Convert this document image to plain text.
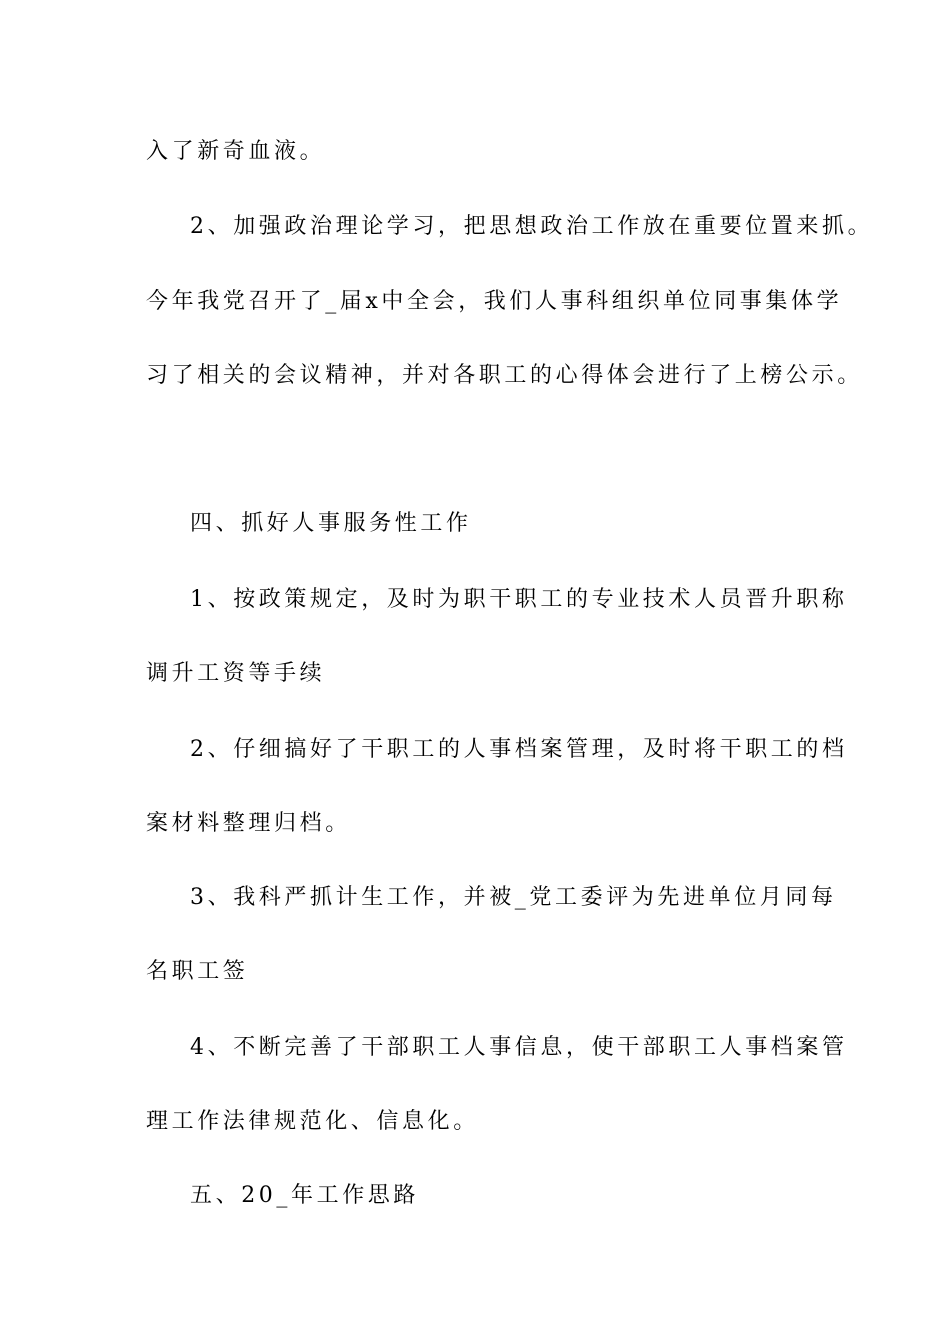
入了新奇血液。

2、加强政治理论学习，把思想政治工作放在重要位置来抓。

今年我党召开了_届x中全会，我们人事科组织单位同事集体学

习了相关的会议精神，并对各职工的心得体会进行了上榜公示。

四、抓好人事服务性工作

1、按政策规定，及时为职干职工的专业技术人员晋升职称

调升工资等手续

2、仔细搞好了干职工的人事档案管理，及时将干职工的档

案材料整理归档。

3、我科严抓计生工作，并被_党工委评为先进单位月同每

名职工签

4、不断完善了干部职工人事信息，使干部职工人事档案管

理工作法律规范化、信息化。

五、20_年工作思路
